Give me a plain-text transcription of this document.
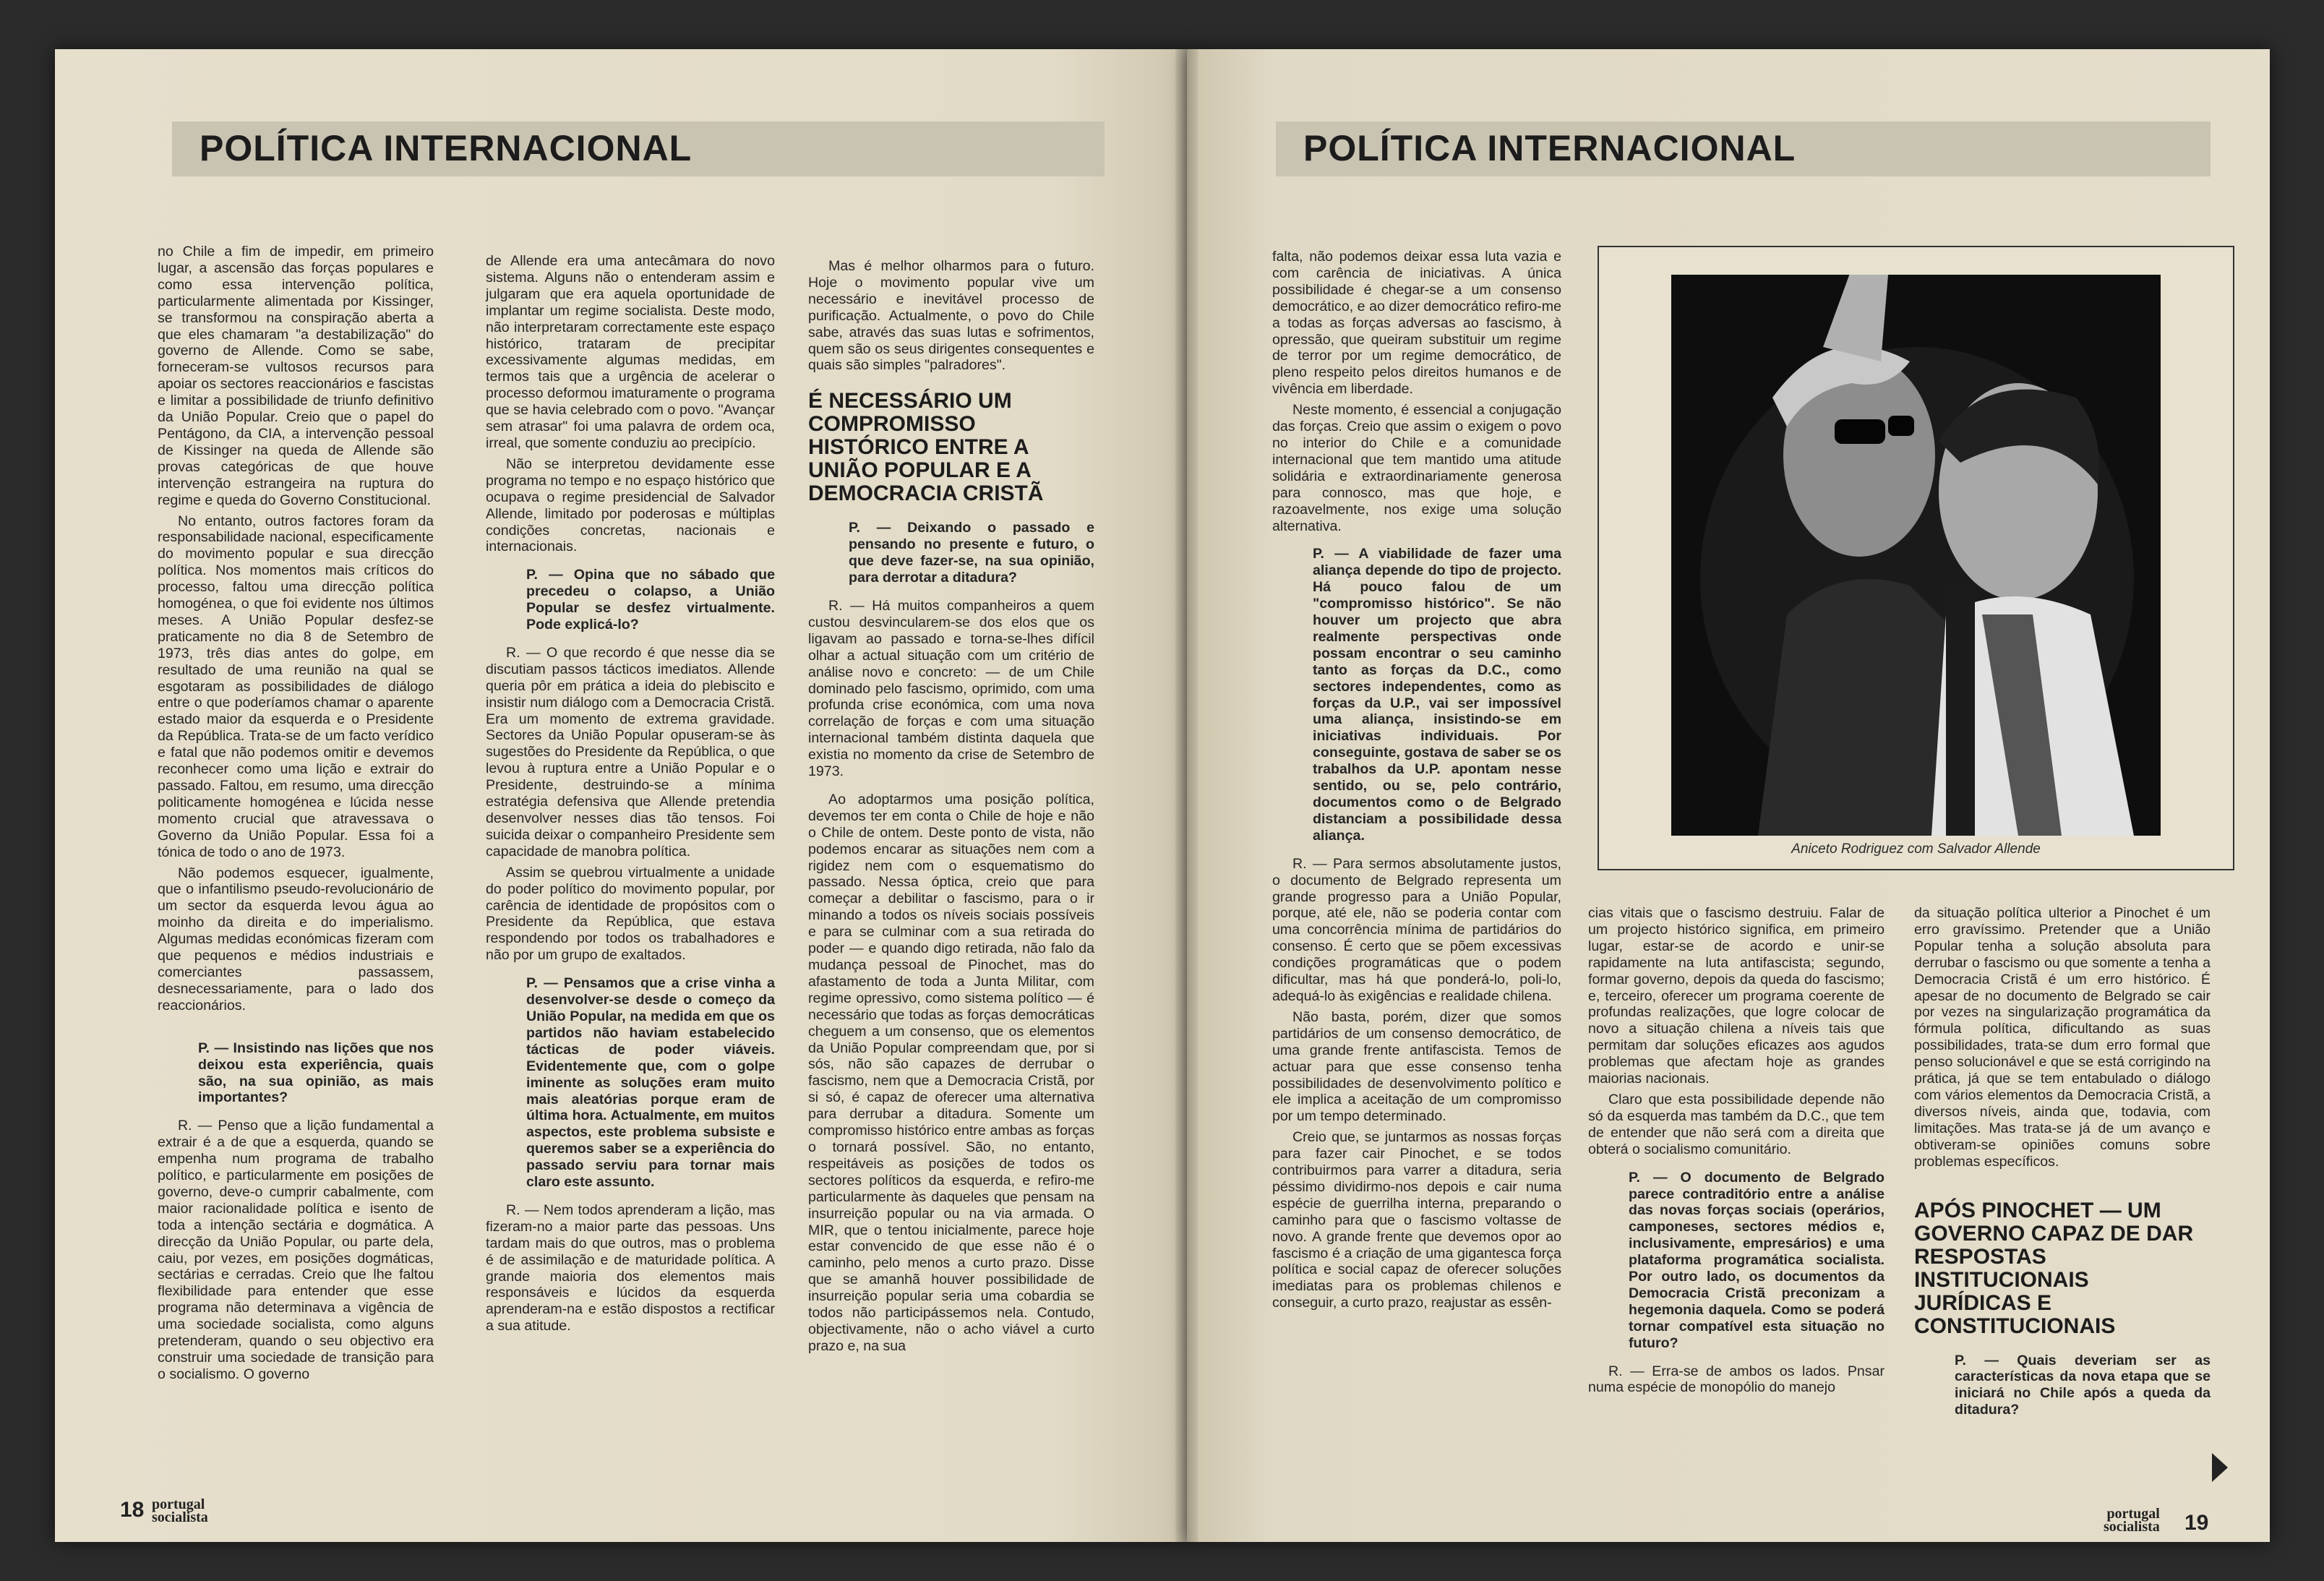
POLÍTICA INTERNACIONAL	POLÍTICA INTERNACIONAL

no Chile a fim de impedir, em primeiro lugar, a ascensão das forças populares e como essa intervenção política, particularmente alimentada por Kissinger, se transformou na conspiração aberta a que eles chamaram "a destabilização" do governo de Allende. Como se sabe, forneceram-se vultosos recursos para apoiar os sectores reaccionários e fascistas e limitar a possibilidade de triunfo definitivo da União Popular. Creio que o papel do Pentágono, da CIA, a intervenção pessoal de Kissinger na queda de Allende são provas categóricas de que houve intervenção estrangeira na ruptura do regime e queda do Governo Constitucional.

No entanto, outros factores foram da responsabilidade nacional, especificamente do movimento popular e sua direcção política. Nos momentos mais críticos do processo, faltou uma direcção política homogénea, o que foi evidente nos últimos meses. A União Popular desfez-se praticamente no dia 8 de Setembro de 1973, três dias antes do golpe, em resultado de uma reunião na qual se esgotaram as possibilidades de diálogo entre o que poderíamos chamar o aparente estado maior da esquerda e o Presidente da República. Trata-se de um facto verídico e fatal que não podemos omitir e devemos reconhecer como uma lição e extrair do passado. Faltou, em resumo, uma direcção politicamente homogénea e lúcida nesse momento crucial que atravessava o Governo da União Popular. Essa foi a tónica de todo o ano de 1973.

Não podemos esquecer, igualmente, que o infantilismo pseudo-revolucionário de um sector da esquerda levou água ao moinho da direita e do imperialismo. Algumas medidas económicas fizeram com que pequenos e médios industriais e comerciantes passassem, desnecessariamente, para o lado dos reaccionários.

P. — Insistindo nas lições que nos deixou esta experiência, quais são, na sua opinião, as mais importantes?

R. — Penso que a lição fundamental a extrair é a de que a esquerda, quando se empenha num programa de trabalho político, e particularmente em posições de governo, deve-o cumprir cabalmente, com maior racionalidade política e isento de toda a intenção sectária e dogmática. A direcção da União Popular, ou parte dela, caiu, por vezes, em posições dogmáticas, sectárias e cerradas. Creio que lhe faltou flexibilidade para entender que esse programa não determinava a vigência de uma sociedade socialista, como alguns pretenderam, quando o seu objectivo era construir uma sociedade de transição para o socialismo. O governo

de Allende era uma antecâmara do novo sistema. Alguns não o entenderam assim e julgaram que era aquela oportunidade de implantar um regime socialista. Deste modo, não interpretaram correctamente este espaço histórico, trataram de precipitar excessivamente algumas medidas, em termos tais que a urgência de acelerar o processo deformou imaturamente o programa que se havia celebrado com o povo. "Avançar sem atrasar" foi uma palavra de ordem oca, irreal, que somente conduziu ao precipício.

Não se interpretou devidamente esse programa no tempo e no espaço histórico que ocupava o regime presidencial de Salvador Allende, limitado por poderosas e múltiplas condições concretas, nacionais e internacionais.

P. — Opina que no sábado que precedeu o colapso, a União Popular se desfez virtualmente. Pode explicá-lo?

R. — O que recordo é que nesse dia se discutiam passos tácticos imediatos. Allende queria pôr em prática a ideia do plebiscito e insistir num diálogo com a Democracia Cristã. Era um momento de extrema gravidade. Sectores da União Popular opuseram-se às sugestões do Presidente da República, o que levou à ruptura entre a União Popular e o Presidente, destruindo-se a mínima estratégia defensiva que Allende pretendia desenvolver nesses dias tão tensos. Foi suicida deixar o companheiro Presidente sem capacidade de manobra política.

Assim se quebrou virtualmente a unidade do poder político do movimento popular, por carência de identidade de propósitos com o Presidente da República, que estava respondendo por todos os trabalhadores e não por um grupo de exaltados.

P. — Pensamos que a crise vinha a desenvolver-se desde o começo da União Popular, na medida em que os partidos não haviam estabelecido tácticas de poder viáveis. Evidentemente que, com o golpe iminente as soluções eram muito mais aleatórias porque eram de última hora. Actualmente, em muitos aspectos, este problema subsiste e queremos saber se a experiência do passado serviu para tornar mais claro este assunto.

R. — Nem todos aprenderam a lição, mas fizeram-no a maior parte das pessoas. Uns tardam mais do que outros, mas o problema é de assimilação e de maturidade política. A grande maioria dos elementos mais responsáveis e lúcidos da esquerda aprenderam-na e estão dispostos a rectificar a sua atitude.

Mas é melhor olharmos para o futuro. Hoje o movimento popular vive um necessário e inevitável processo de purificação. Actualmente, o povo do Chile sabe, através das suas lutas e sofrimentos, quem são os seus dirigentes consequentes e quais são simples "palradores".

É NECESSÁRIO UM COMPROMISSO HISTÓRICO ENTRE A UNIÃO POPULAR E A DEMOCRACIA CRISTÃ

P. — Deixando o passado e pensando no presente e futuro, o que deve fazer-se, na sua opinião, para derrotar a ditadura?

R. — Há muitos companheiros a quem custou desvincularem-se dos elos que os ligavam ao passado e torna-se-lhes difícil olhar a actual situação com um critério de análise novo e concreto: — de um Chile dominado pelo fascismo, oprimido, com uma profunda crise económica, com uma nova correlação de forças e com uma situação internacional também distinta daquela que existia no momento da crise de Setembro de 1973.

Ao adoptarmos uma posição política, devemos ter em conta o Chile de hoje e não o Chile de ontem. Deste ponto de vista, não podemos encarar as situações nem com a rigidez nem com o esquematismo do passado. Nessa óptica, creio que para começar a debilitar o fascismo, para o ir minando a todos os níveis sociais possíveis e para se culminar com a sua retirada do poder — e quando digo retirada, não falo da mudança pessoal de Pinochet, mas do afastamento de toda a Junta Militar, com regime opressivo, como sistema político — é necessário que todas as forças democráticas cheguem a um consenso, que os elementos da União Popular compreendam que, por si sós, não são capazes de derrubar o fascismo, nem que a Democracia Cristã, por si só, é capaz de oferecer uma alternativa para derrubar a ditadura. Somente um compromisso histórico entre ambas as forças o tornará possível. São, no entanto, respeitáveis as posições de todos os sectores políticos da esquerda, e refiro-me particularmente às daqueles que pensam na insurreição popular ou na via armada. O MIR, que o tentou inicialmente, parece hoje estar convencido de que esse não é o caminho, pelo menos a curto prazo. Disse que se amanhã houver possibilidade de insurreição popular seria uma cobardia se todos não participássemos nela. Contudo, objectivamente, não o acho viável a curto prazo e, na sua

18 portugal
socialista

falta, não podemos deixar essa luta vazia e com carência de iniciativas. A única possibilidade é chegar-se a um consenso democrático, e ao dizer democrático refiro-me a todas as forças adversas ao fascismo, à opressão, que queiram substituir um regime de terror por um regime democrático, de pleno respeito pelos direitos humanos e de vivência em liberdade.

Neste momento, é essencial a conjugação das forças. Creio que assim o exigem o povo no interior do Chile e a comunidade internacional que tem mantido uma atitude solidária e extraordinariamente generosa para connosco, mas que hoje, e razoavelmente, nos exige uma solução alternativa.

P. — A viabilidade de fazer uma aliança depende do tipo de projecto. Há pouco falou de um "compromisso histórico". Se não houver um projecto que abra realmente perspectivas onde possam encontrar o seu caminho tanto as forças da D.C., como sectores independentes, como as forças da U.P., vai ser impossível uma aliança, insistindo-se em iniciativas individuais. Por conseguinte, gostava de saber se os trabalhos da U.P. apontam nesse sentido, ou se, pelo contrário, documentos como o de Belgrado distanciam a possibilidade dessa aliança.

R. — Para sermos absolutamente justos, o documento de Belgrado representa um grande progresso para a União Popular, porque, até ele, não se poderia contar com uma concorrência mínima de partidários do consenso. É certo que se põem excessivas condições programáticas que o podem dificultar, mas há que ponderá-lo, poli-lo, adequá-lo às exigências e realidade chilena.

Não basta, porém, dizer que somos partidários de um consenso democrático, de uma grande frente antifascista. Temos de actuar para que esse consenso tenha possibilidades de desenvolvimento político e ele implica a aceitação de um compromisso por um tempo determinado.

Creio que, se juntarmos as nossas forças para fazer cair Pinochet, e se todos contribuirmos para varrer a ditadura, seria péssimo dividirmo-nos depois e cair numa espécie de guerrilha interna, preparando o caminho para que o fascismo voltasse de novo. A grande frente que devemos opor ao fascismo é a criação de uma gigantesca força política e social capaz de oferecer soluções imediatas para os problemas chilenos e conseguir, a curto prazo, reajustar as essên-

Aniceto Rodriguez com Salvador Allende

cias vitais que o fascismo destruiu. Falar de um projecto histórico significa, em primeiro lugar, estar-se de acordo e unir-se rapidamente na luta antifascista; segundo, formar governo, depois da queda do fascismo; e, terceiro, oferecer um programa coerente de profundas realizações, que logre colocar de novo a situação chilena a níveis tais que permitam dar soluções eficazes aos agudos problemas que afectam hoje as grandes maiorias nacionais.

Claro que esta possibilidade depende não só da esquerda mas também da D.C., que tem de entender que não será com a direita que obterá o socialismo comunitário.

P. — O documento de Belgrado parece contraditório entre a análise das novas forças sociais (operários, camponeses, sectores médios e, inclusivamente, empresários) e uma plataforma programática socialista. Por outro lado, os documentos da Democracia Cristã preconizam a hegemonia daquela. Como se poderá tornar compatível esta situação no futuro?

R. — Erra-se de ambos os lados. Pnsar numa espécie de monopólio do manejo

da situação política ulterior a Pinochet é um erro gravíssimo. Pretender que a União Popular tenha a solução absoluta para derrubar o fascismo ou que somente a tenha a Democracia Cristã é um erro histórico. É apesar de no documento de Belgrado se cair por vezes na singularização programática da fórmula política, dificultando as suas possibilidades, trata-se dum erro formal que penso solucionável e que se está corrigindo na prática, já que se tem entabulado o diálogo com vários elementos da Democracia Cristã, a diversos níveis, ainda que, todavia, com limitações. Mas trata-se já de um avanço e obtiveram-se opiniões comuns sobre problemas específicos.

APÓS PINOCHET — UM GOVERNO CAPAZ DE DAR RESPOSTAS INSTITUCIONAIS JURÍDICAS E CONSTITUCIONAIS

P. — Quais deveriam ser as características da nova etapa que se iniciará no Chile após a queda da ditadura?

portugal
socialista 19
